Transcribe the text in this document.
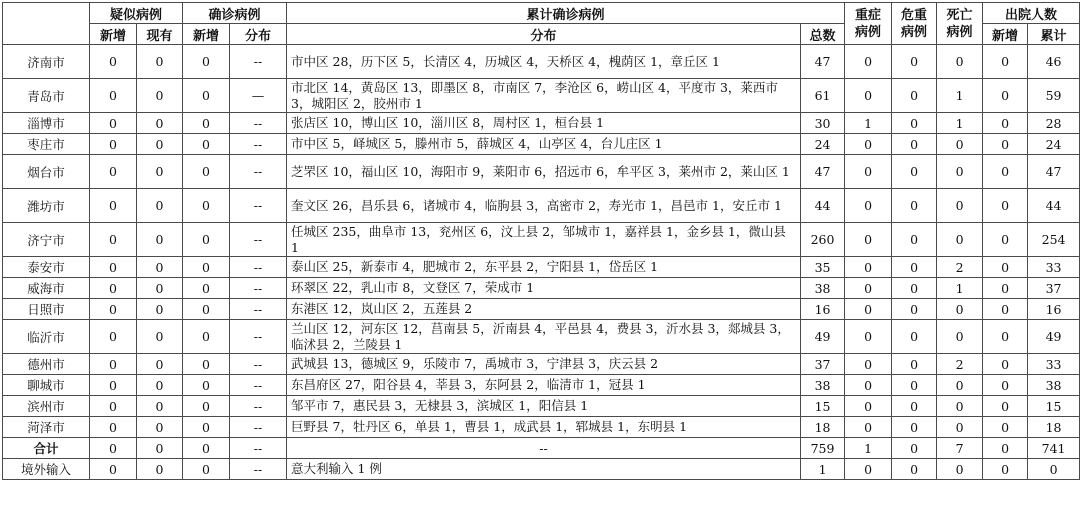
	疑似病例		确诊病例		累计确诊病例		重症病例	危重病例	死亡病例	出院人数	
	新增	现有	新增	分布	分布	总数				新增	累计
济南市	0	0	0	--	市中区 28，历下区 5，长清区 4，历城区 4，天桥区 4，槐荫区 1，章丘区 1	47	0	0	0	0	46
青岛市	0	0	0	—	市北区 14，黄岛区 13，即墨区 8，市南区 7，李沧区 6，崂山区 4，平度市 3，莱西市 3，城阳区 2，胶州市 1	61	0	0	1	0	59
淄博市	0	0	0	--	张店区 10，博山区 10，淄川区 8，周村区 1，桓台县 1	30	1	0	1	0	28
枣庄市	0	0	0	--	市中区 5，峄城区 5，滕州市 5，薛城区 4，山亭区 4，台儿庄区 1	24	0	0	0	0	24
烟台市	0	0	0	--	芝罘区 10，福山区 10，海阳市 9，莱阳市 6，招远市 6，牟平区 3，莱州市 2，莱山区 1	47	0	0	0	0	47
潍坊市	0	0	0	--	奎文区 26，昌乐县 6，诸城市 4，临朐县 3，高密市 2，寿光市 1，昌邑市 1，安丘市 1	44	0	0	0	0	44
济宁市	0	0	0	--	任城区 235，曲阜市 13，兖州区 6，汶上县 2，邹城市 1，嘉祥县 1，金乡县 1，微山县 1	260	0	0	0	0	254
泰安市	0	0	0	--	泰山区 25，新泰市 4，肥城市 2，东平县 2，宁阳县 1，岱岳区 1	35	0	0	2	0	33
威海市	0	0	0	--	环翠区 22，乳山市 8，文登区 7，荣成市 1	38	0	0	1	0	37
日照市	0	0	0	--	东港区 12，岚山区 2，五莲县 2	16	0	0	0	0	16
临沂市	0	0	0	--	兰山区 12，河东区 12，莒南县 5，沂南县 4，平邑县 4，费县 3，沂水县 3，郯城县 3，临沭县 2，兰陵县 1	49	0	0	0	0	49
德州市	0	0	0	--	武城县 13，德城区 9，乐陵市 7，禹城市 3，宁津县 3，庆云县 2	37	0	0	2	0	33
聊城市	0	0	0	--	东昌府区 27，阳谷县 4，莘县 3，东阿县 2，临清市 1，冠县 1	38	0	0	0	0	38
滨州市	0	0	0	--	邹平市 7，惠民县 3，无棣县 3，滨城区 1，阳信县 1	15	0	0	0	0	15
菏泽市	0	0	0	--	巨野县 7，牡丹区 6，单县 1，曹县 1，成武县 1，郓城县 1，东明县 1	18	0	0	0	0	18
合计	0	0	0	--	--	759	1	0	7	0	741
境外输入	0	0	0	--	意大利输入 1 例	1	0	0	0	0	0
